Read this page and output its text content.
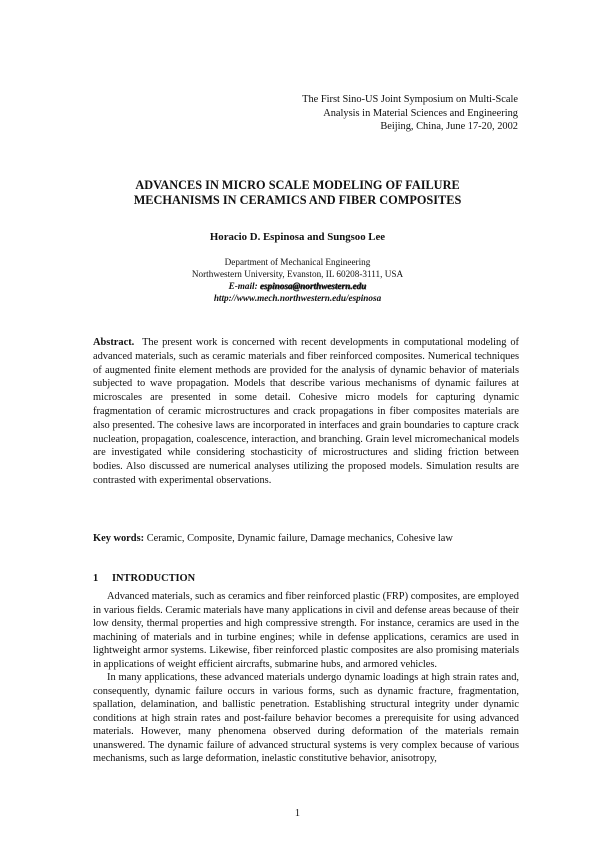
The First Sino-US Joint Symposium on Multi-Scale
Analysis in Material Sciences and Engineering
Beijing, China, June 17-20, 2002
ADVANCES IN MICRO SCALE MODELING OF FAILURE
MECHANISMS IN CERAMICS AND FIBER COMPOSITES
Horacio D. Espinosa and Sungsoo Lee
Department of Mechanical Engineering
Northwestern University, Evanston, IL 60208-3111, USA
E-mail: espinosa@northwestern.edu
http://www.mech.northwestern.edu/espinosa
Abstract. The present work is concerned with recent developments in computational modeling of advanced materials, such as ceramic materials and fiber reinforced composites. Numerical techniques of augmented finite element methods are provided for the analysis of dynamic behavior of materials subjected to wave propagation. Models that describe various mechanisms of dynamic failures at microscales are presented in some detail. Cohesive micro models for capturing dynamic fragmentation of ceramic microstructures and crack propagations in fiber composites materials are also presented. The cohesive laws are incorporated in interfaces and grain boundaries to capture crack nucleation, propagation, coalescence, interaction, and branching. Grain level micromechanical models are investigated while considering stochasticity of microstructures and sliding friction between bodies. Also discussed are numerical analyses utilizing the proposed models. Simulation results are contrasted with experimental observations.
Key words: Ceramic, Composite, Dynamic failure, Damage mechanics, Cohesive law
1 INTRODUCTION

Advanced materials, such as ceramics and fiber reinforced plastic (FRP) composites, are employed in various fields. Ceramic materials have many applications in civil and defense areas because of their low density, thermal properties and high compressive strength. For instance, ceramics are used in the machining of materials and in turbine engines; while in defense applications, ceramics are used in lightweight armor systems. Likewise, fiber reinforced plastic composites are also promising materials in applications of weight efficient aircrafts, submarine hubs, and armored vehicles.

In many applications, these advanced materials undergo dynamic loadings at high strain rates and, consequently, dynamic failure occurs in various forms, such as dynamic fracture, fragmentation, spallation, delamination, and ballistic penetration. Establishing structural integrity under dynamic conditions at high strain rates and post-failure behavior becomes a prerequisite for using advanced materials. However, many phenomena observed during deformation of the materials remain unanswered. The dynamic failure of advanced structural systems is very complex because of various mechanisms, such as large deformation, inelastic constitutive behavior, anisotropy,

1
